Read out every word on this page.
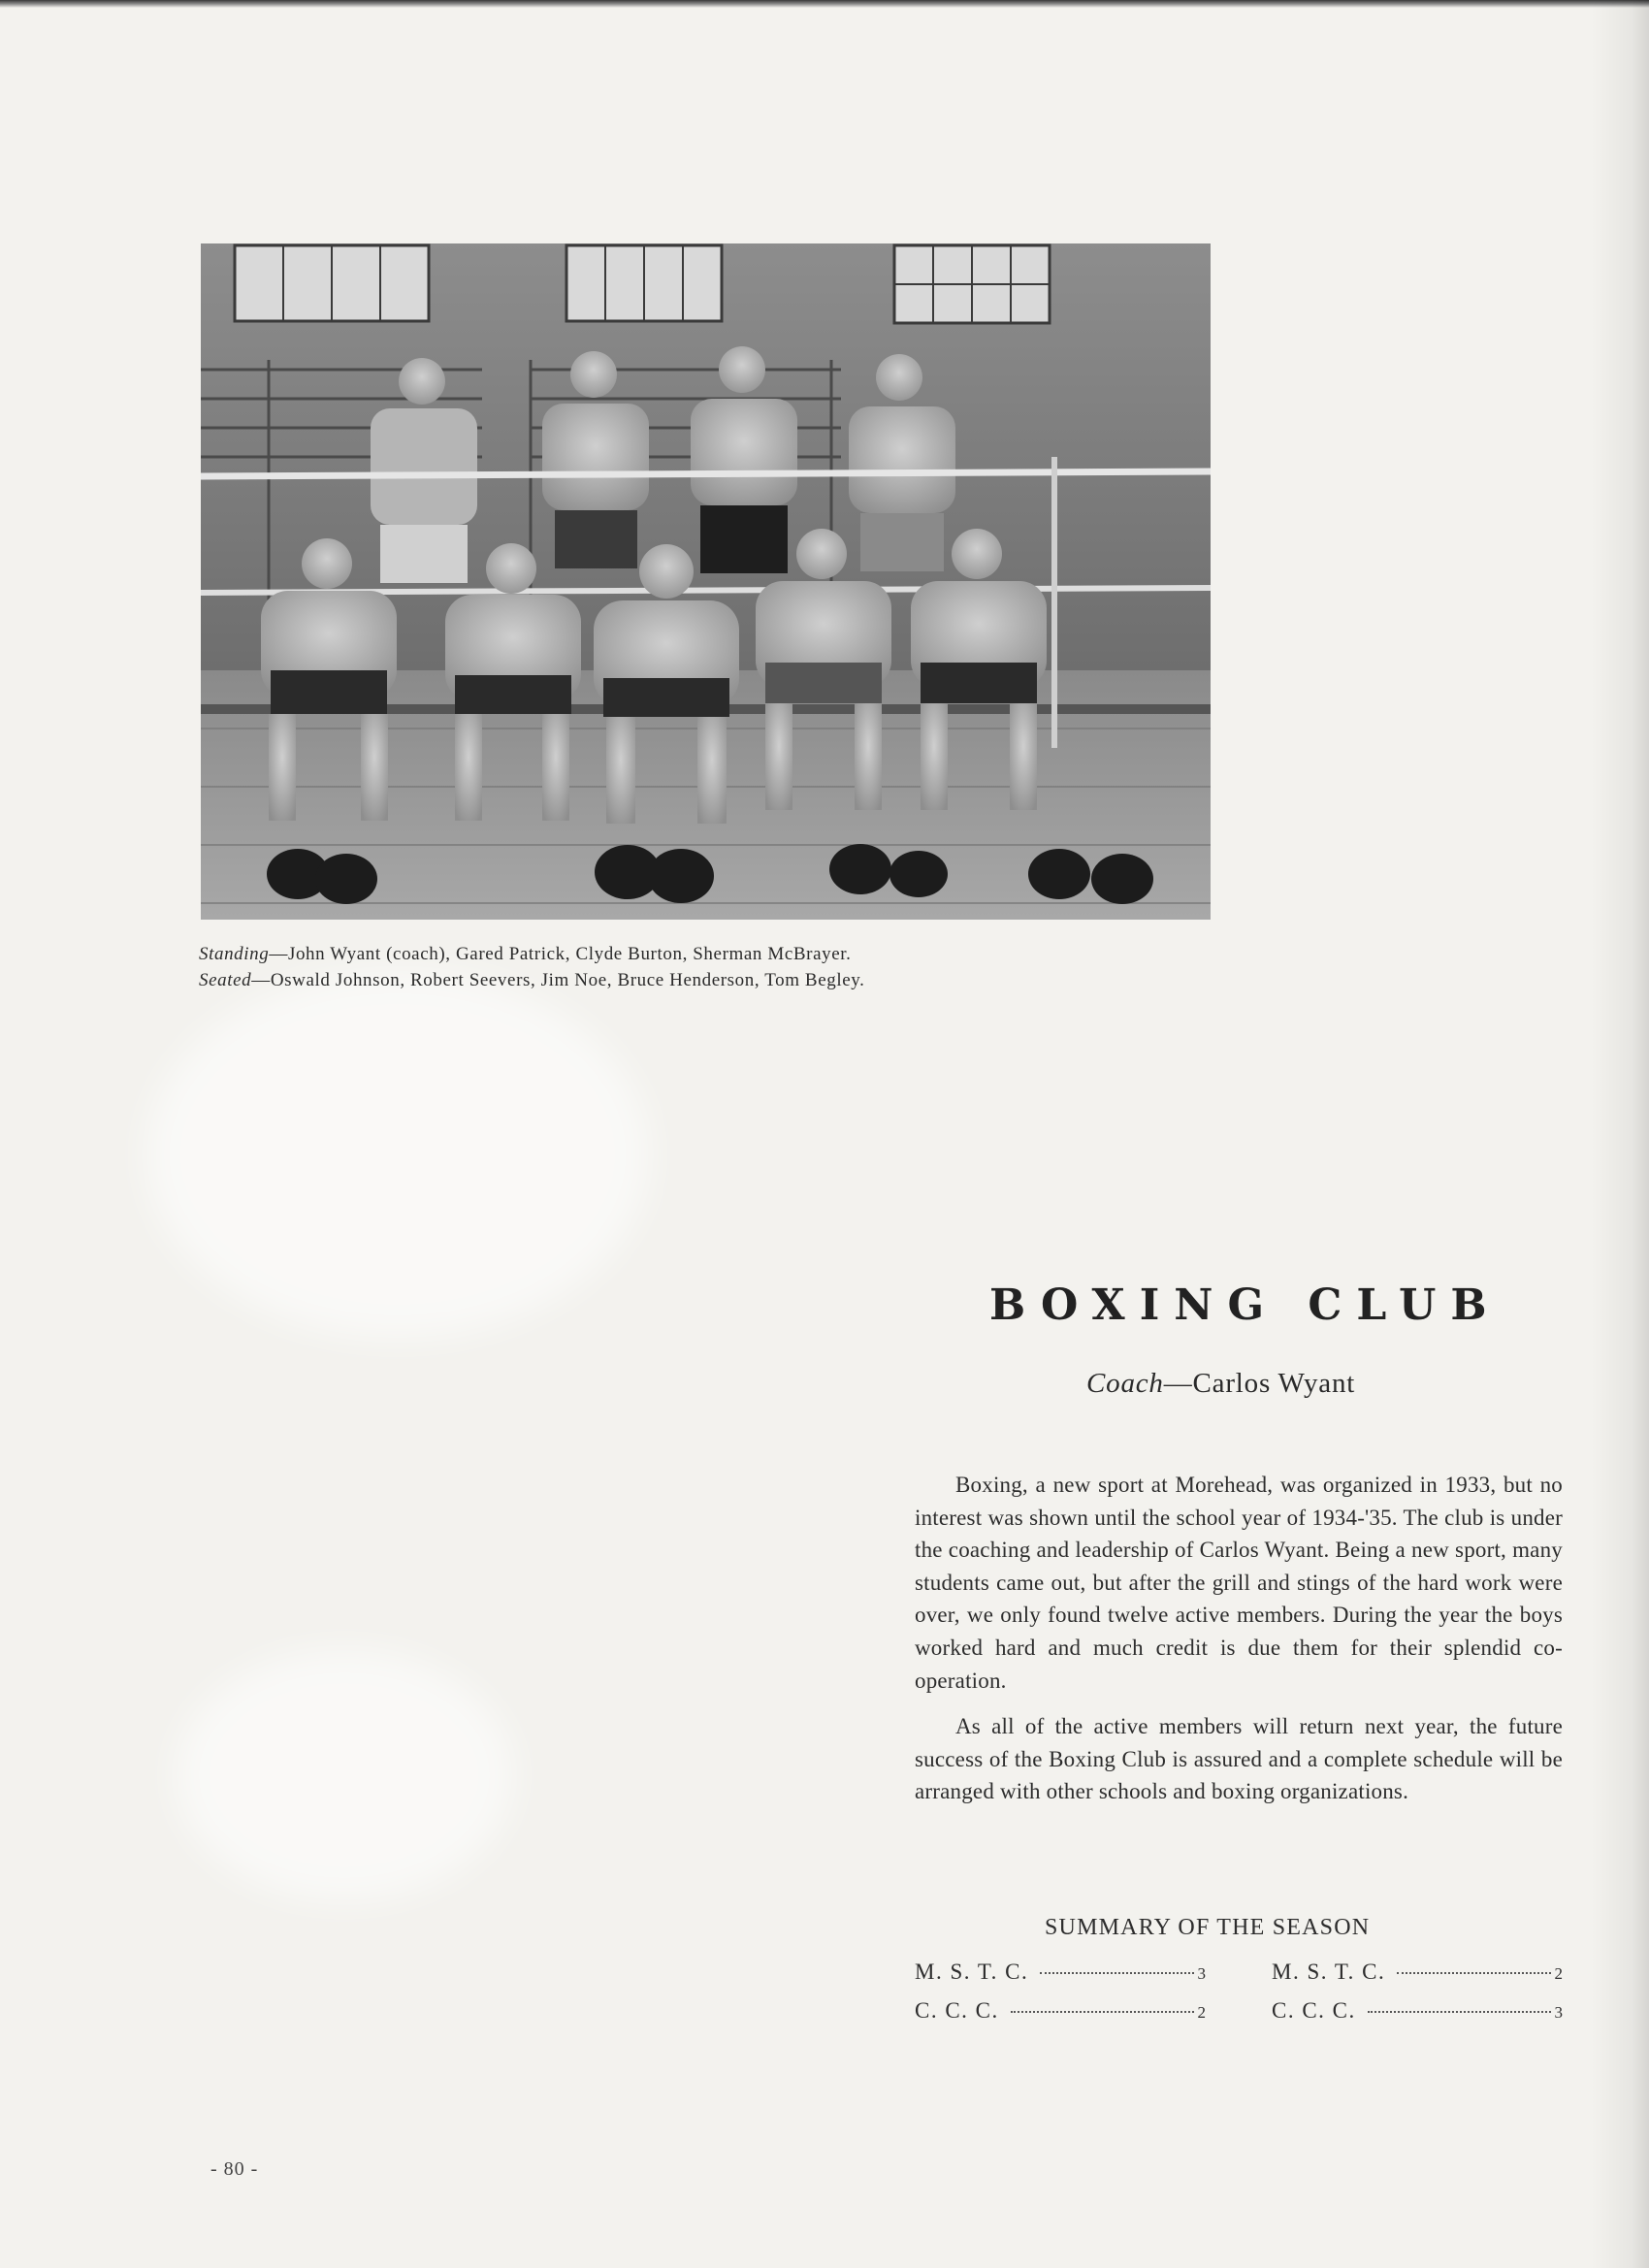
Standing—John Wyant (coach), Gared Patrick, Clyde Burton, Sherman McBrayer.
Seated—Oswald Johnson, Robert Seevers, Jim Noe, Bruce Henderson, Tom Begley.
BOXING CLUB
Coach—Carlos Wyant

Boxing, a new sport at Morehead, was organized in 1933, but no interest was shown until the school year of 1934-'35. The club is under the coaching and leadership of Carlos Wyant. Being a new sport, many students came out, but after the grill and stings of the hard work were over, we only found twelve active members. During the year the boys worked hard and much credit is due them for their splendid co-operation.

As all of the active members will return next year, the future success of the Boxing Club is assured and a complete schedule will be arranged with other schools and boxing organizations.

SUMMARY OF THE SEASON
M. S. T. C.	3
C. C. C.	2
M. S. T. C.	2
C. C. C.	3
- 80 -
